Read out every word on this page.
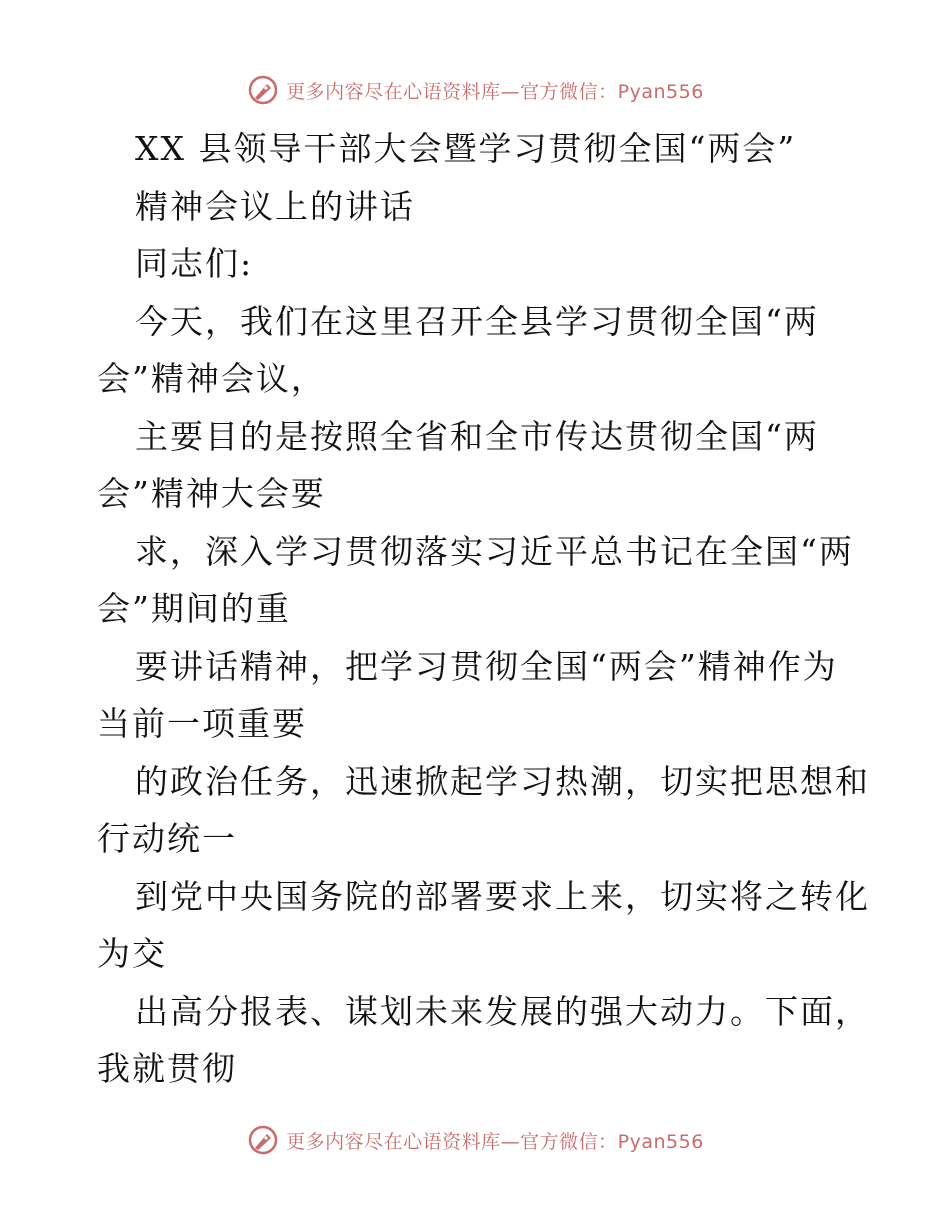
更多内容尽在心语资料库—官方微信：Pyan556
XX 县领导干部大会暨学习贯彻全国“两会”
精神会议上的讲话
同志们:
今天，我们在这里召开全县学习贯彻全国“两
会”精神会议，
主要目的是按照全省和全市传达贯彻全国“两
会”精神大会要
求，深入学习贯彻落实习近平总书记在全国“两
会”期间的重
要讲话精神，把学习贯彻全国“两会”精神作为
当前一项重要
的政治任务，迅速掀起学习热潮，切实把思想和
行动统一
到党中央国务院的部署要求上来，切实将之转化
为交
出高分报表、谋划未来发展的强大动力。下面，
我就贯彻
更多内容尽在心语资料库—官方微信：Pyan556
